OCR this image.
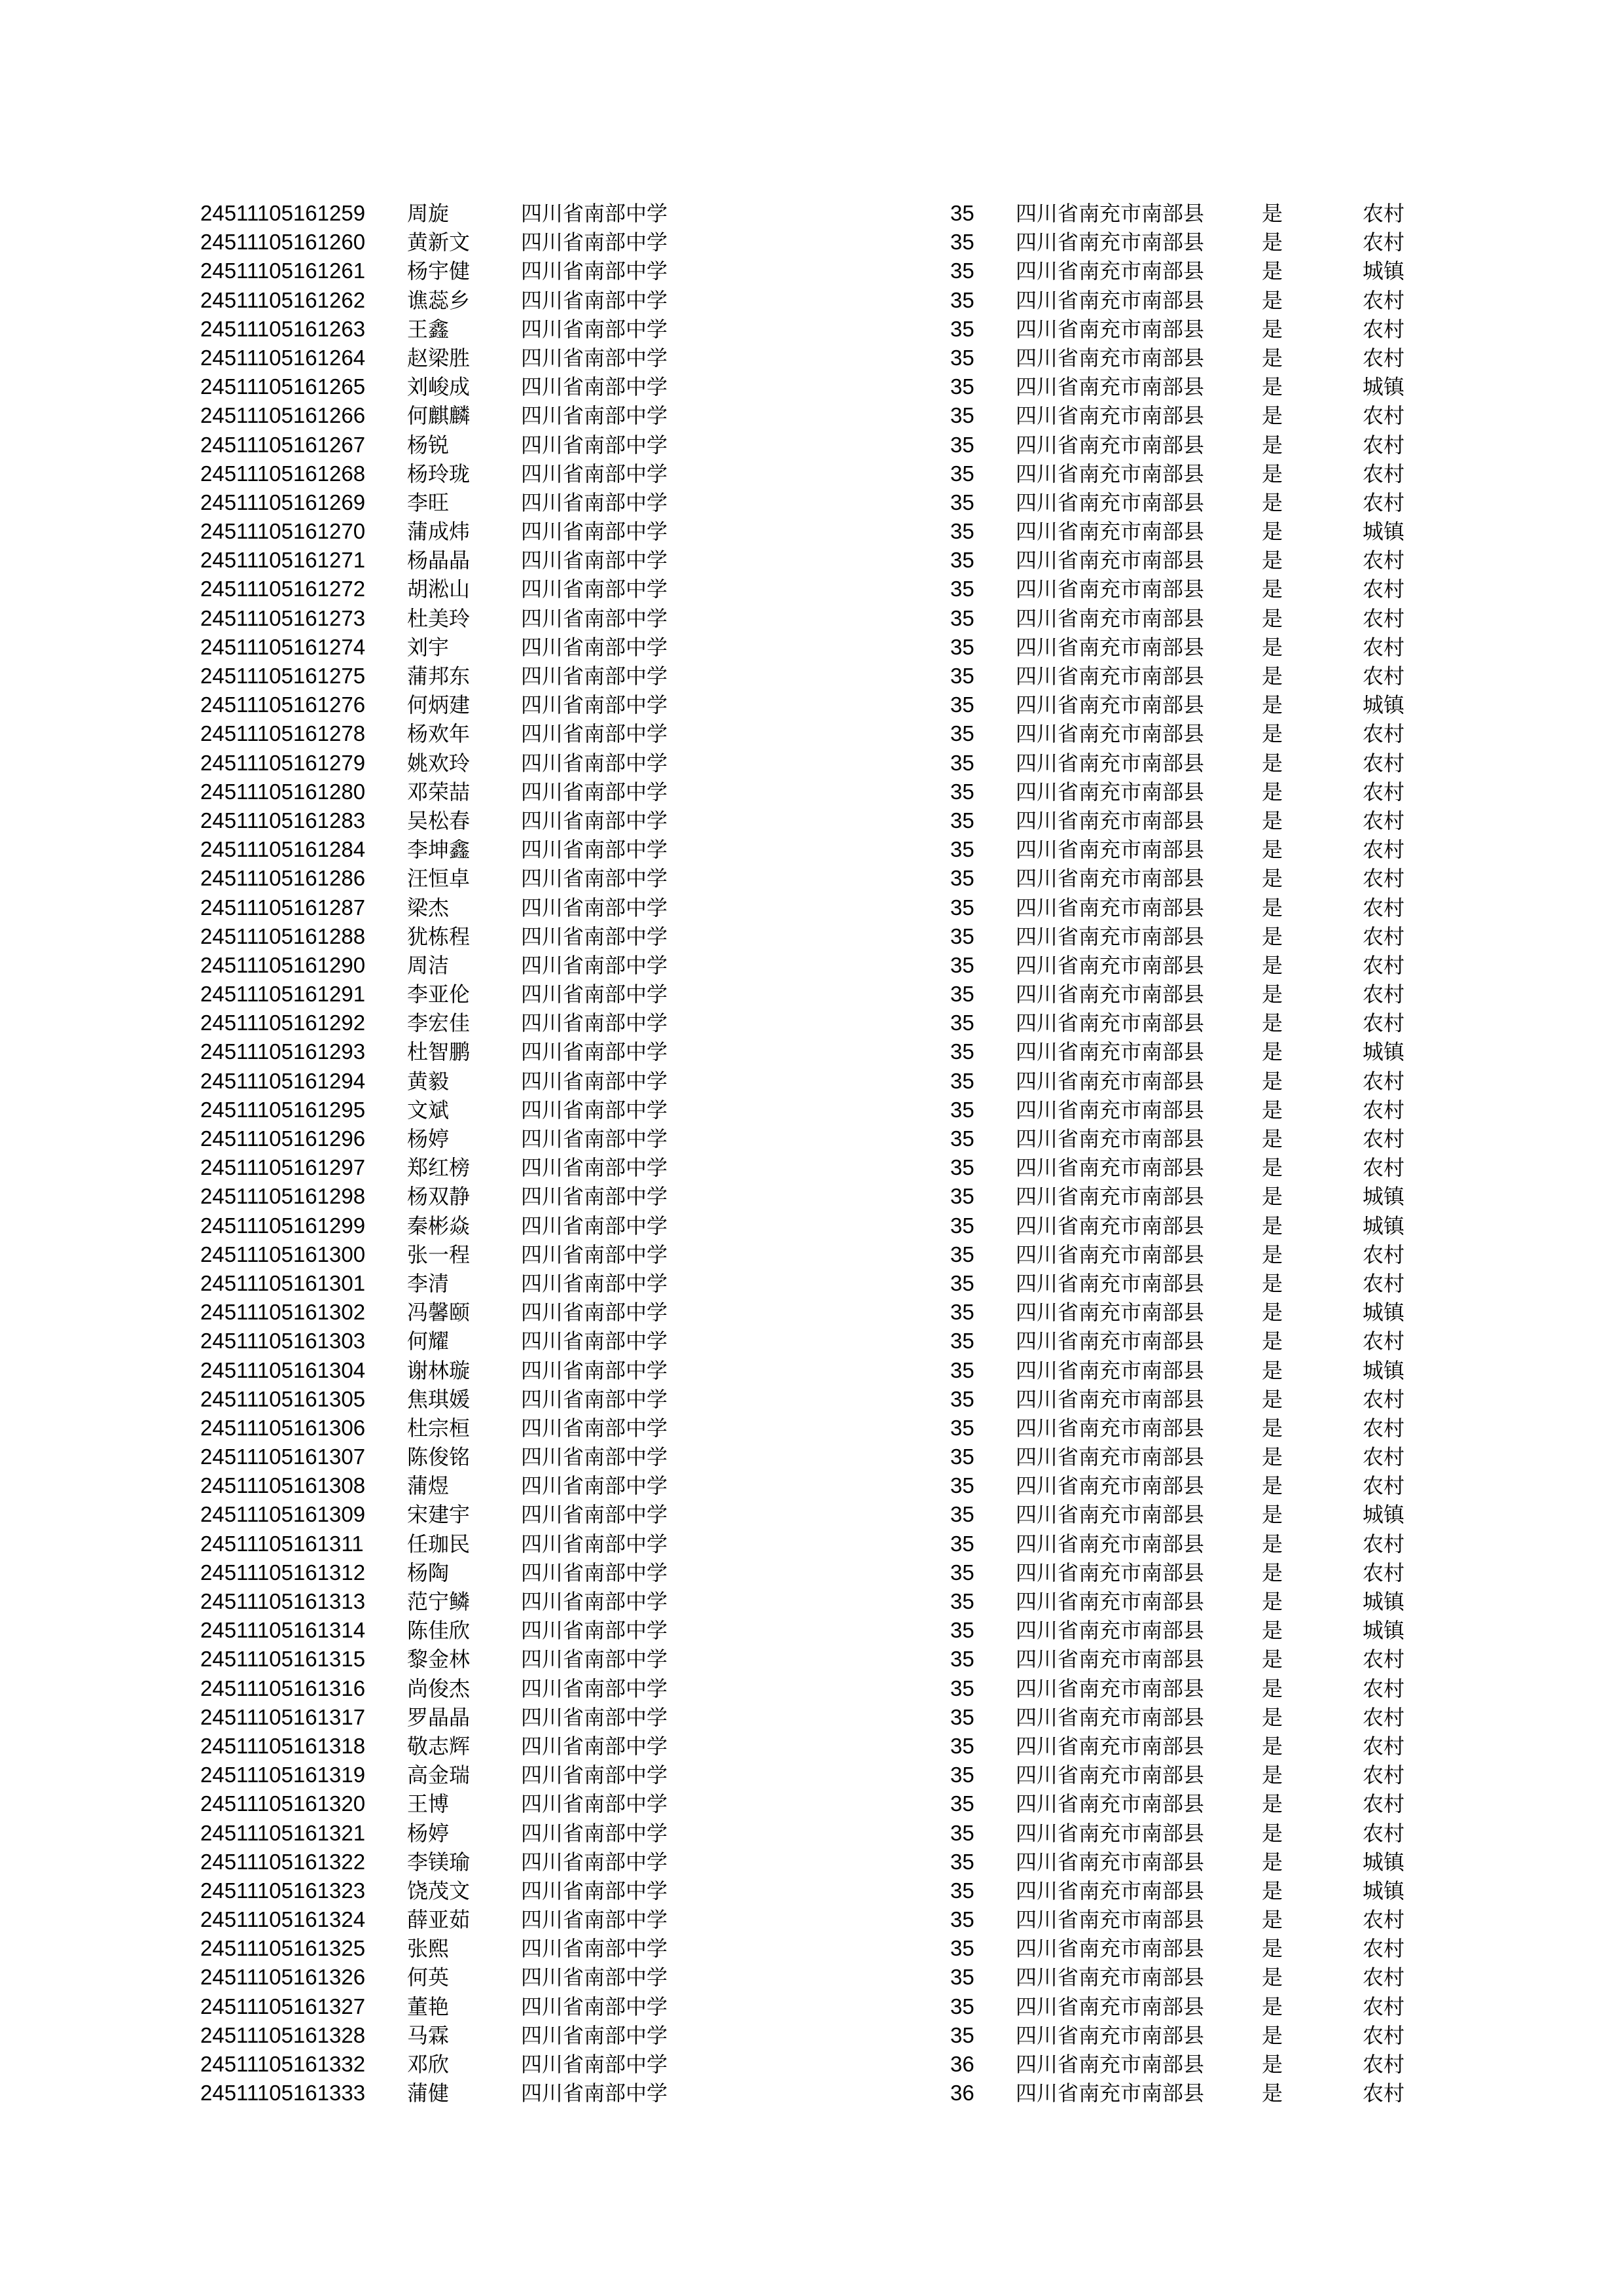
24511105161259 周旋	四川省南部中学	35 四川省南充市南部县	是	农村
24511105161260 黄新文 四川省南部中学	35 四川省南充市南部县	是	农村
24511105161261 杨宇健 四川省南部中学	35 四川省南充市南部县	是	城镇
24511105161262 谯蕊乡 四川省南部中学	35 四川省南充市南部县	是	农村
24511105161263 王鑫	四川省南部中学	35 四川省南充市南部县	是	农村
24511105161264 赵梁胜 四川省南部中学	35 四川省南充市南部县	是	农村
24511105161265 刘峻成 四川省南部中学	35 四川省南充市南部县	是	城镇
24511105161266 何麒麟 四川省南部中学	35 四川省南充市南部县	是	农村
24511105161267 杨锐	四川省南部中学	35 四川省南充市南部县	是	农村
24511105161268 杨玲珑 四川省南部中学	35 四川省南充市南部县	是	农村
24511105161269 李旺	四川省南部中学	35 四川省南充市南部县	是	农村
24511105161270 蒲成炜 四川省南部中学	35 四川省南充市南部县	是	城镇
24511105161271 杨晶晶 四川省南部中学	35 四川省南充市南部县	是	农村
24511105161272 胡淞山 四川省南部中学	35 四川省南充市南部县	是	农村
24511105161273 杜美玲 四川省南部中学	35 四川省南充市南部县	是	农村
24511105161274 刘宇	四川省南部中学	35 四川省南充市南部县	是	农村
24511105161275 蒲邦东 四川省南部中学	35 四川省南充市南部县	是	农村
24511105161276 何炳建 四川省南部中学	35 四川省南充市南部县	是	城镇
24511105161278 杨欢年 四川省南部中学	35 四川省南充市南部县	是	农村
24511105161279 姚欢玲 四川省南部中学	35 四川省南充市南部县	是	农村
24511105161280 邓荣喆 四川省南部中学	35 四川省南充市南部县	是	农村
24511105161283 吴松春 四川省南部中学	35 四川省南充市南部县	是	农村
24511105161284 李坤鑫 四川省南部中学	35 四川省南充市南部县	是	农村
24511105161286 汪恒卓 四川省南部中学	35 四川省南充市南部县	是	农村
24511105161287 梁杰	四川省南部中学	35 四川省南充市南部县	是	农村
24511105161288 犹栋程 四川省南部中学	35 四川省南充市南部县	是	农村
24511105161290 周洁	四川省南部中学	35 四川省南充市南部县	是	农村
24511105161291 李亚伦 四川省南部中学	35 四川省南充市南部县	是	农村
24511105161292 李宏佳 四川省南部中学	35 四川省南充市南部县	是	农村
24511105161293 杜智鹏 四川省南部中学	35 四川省南充市南部县	是	城镇
24511105161294 黄毅	四川省南部中学	35 四川省南充市南部县	是	农村
24511105161295 文斌	四川省南部中学	35 四川省南充市南部县	是	农村
24511105161296 杨婷	四川省南部中学	35 四川省南充市南部县	是	农村
24511105161297 郑红榜 四川省南部中学	35 四川省南充市南部县	是	农村
24511105161298 杨双静 四川省南部中学	35 四川省南充市南部县	是	城镇
24511105161299 秦彬焱 四川省南部中学	35 四川省南充市南部县	是	城镇
24511105161300 张一程 四川省南部中学	35 四川省南充市南部县	是	农村
24511105161301 李清	四川省南部中学	35 四川省南充市南部县	是	农村
24511105161302 冯馨颐 四川省南部中学	35 四川省南充市南部县	是	城镇
24511105161303 何耀	四川省南部中学	35 四川省南充市南部县	是	农村
24511105161304 谢林璇 四川省南部中学	35 四川省南充市南部县	是	城镇
24511105161305 焦琪媛 四川省南部中学	35 四川省南充市南部县	是	农村
24511105161306 杜宗桓 四川省南部中学	35 四川省南充市南部县	是	农村
24511105161307 陈俊铭 四川省南部中学	35 四川省南充市南部县	是	农村
24511105161308 蒲煜	四川省南部中学	35 四川省南充市南部县	是	农村
24511105161309 宋建宇 四川省南部中学	35 四川省南充市南部县	是	城镇
24511105161311 任珈民 四川省南部中学	35 四川省南充市南部县	是	农村
24511105161312 杨陶	四川省南部中学	35 四川省南充市南部县	是	农村
24511105161313 范宁鳞 四川省南部中学	35 四川省南充市南部县	是	城镇
24511105161314 陈佳欣 四川省南部中学	35 四川省南充市南部县	是	城镇
24511105161315 黎金林 四川省南部中学	35 四川省南充市南部县	是	农村
24511105161316 尚俊杰 四川省南部中学	35 四川省南充市南部县	是	农村
24511105161317 罗晶晶 四川省南部中学	35 四川省南充市南部县	是	农村
24511105161318 敬志辉 四川省南部中学	35 四川省南充市南部县	是	农村
24511105161319 高金瑞 四川省南部中学	35 四川省南充市南部县	是	农村
24511105161320 王博	四川省南部中学	35 四川省南充市南部县	是	农村
24511105161321 杨婷	四川省南部中学	35 四川省南充市南部县	是	农村
24511105161322 李镁瑜 四川省南部中学	35 四川省南充市南部县	是	城镇
24511105161323 饶茂文 四川省南部中学	35 四川省南充市南部县	是	城镇
24511105161324 薛亚茹 四川省南部中学	35 四川省南充市南部县	是	农村
24511105161325 张熙	四川省南部中学	35 四川省南充市南部县	是	农村
24511105161326 何英	四川省南部中学	35 四川省南充市南部县	是	农村
24511105161327 董艳	四川省南部中学	35 四川省南充市南部县	是	农村
24511105161328 马霖	四川省南部中学	35 四川省南充市南部县	是	农村
24511105161332 邓欣	四川省南部中学	36 四川省南充市南部县	是	农村
24511105161333 蒲健	四川省南部中学	36 四川省南充市南部县	是	农村
